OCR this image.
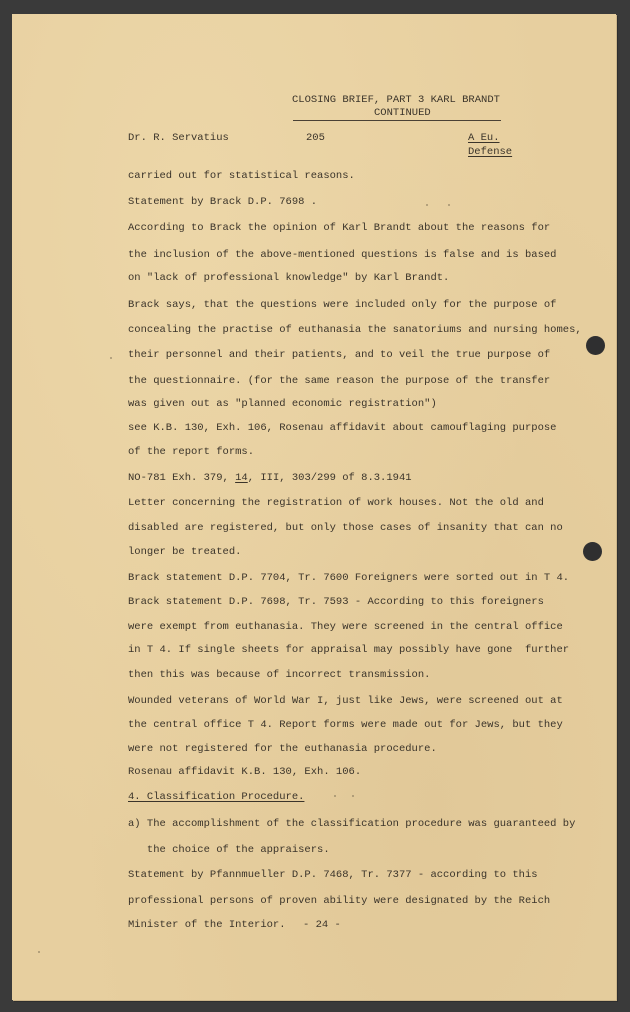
CLOSING BRIEF, PART 3 KARL BRANDT
CONTINUED
Dr. R. Servatius	205	A Eu.
Defense
carried out for statistical reasons.
Statement by Brack D.P. 7698 .
According to Brack the opinion of Karl Brandt about the reasons for
the inclusion of the above-mentioned questions is false and is based
on "lack of professional knowledge" by Karl Brandt.
Brack says, that the questions were included only for the purpose of
concealing the practise of euthanasia the sanatoriums and nursing homes,
their personnel and their patients, and to veil the true purpose of
the questionnaire. (for the same reason the purpose of the transfer
was given out as "planned economic registration")
see K.B. 130, Exh. 106, Rosenau affidavit about camouflaging purpose
of the report forms.
NO-781 Exh. 379, 14, III, 303/299 of 8.3.1941
Letter concerning the registration of work houses. Not the old and
disabled are registered, but only those cases of insanity that can no
longer be treated.
Brack statement D.P. 7704, Tr. 7600 Foreigners were sorted out in T 4.
Brack statement D.P. 7698, Tr. 7593 - According to this foreigners
were exempt from euthanasia. They were screened in the central office
in T 4. If single sheets for appraisal may possibly have gone  further
then this was because of incorrect transmission.
Wounded veterans of World War I, just like Jews, were screened out at
the central office T 4. Report forms were made out for Jews, but they
were not registered for the euthanasia procedure.
Rosenau affidavit K.B. 130, Exh. 106.
4. Classification Procedure.
a) The accomplishment of the classification procedure was guaranteed by
the choice of the appraisers.
Statement by Pfannmueller D.P. 7468, Tr. 7377 - according to this
professional persons of proven ability were designated by the Reich
Minister of the Interior. - 24 -
